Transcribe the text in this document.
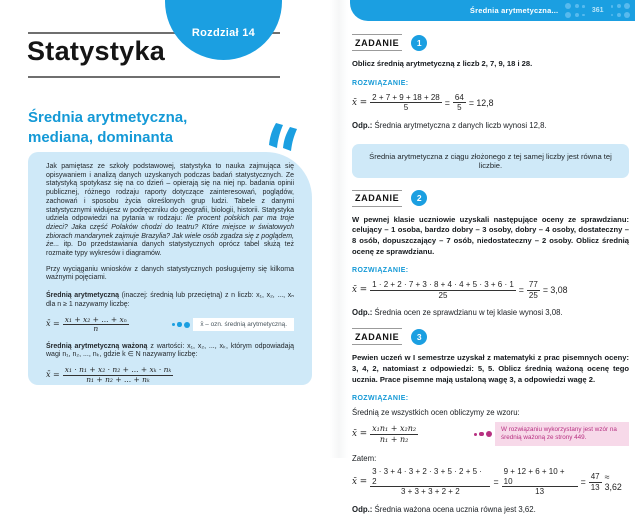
Rozdział 14
Statystyka
Średnia arytmetyczna,
mediana, dominanta

Jak pamiętasz ze szkoły podstawowej, statystyka to nauka zajmująca się opisywaniem i analizą danych uzyskanych podczas badań statystycznych. Ze statystyką spotykasz się na co dzień – opierają się na niej np. badania opinii publicznej, różnego rodzaju raporty dotyczące zainteresowań, poglądów, zachowań i sposobu życia określonych grup ludzi. Tabele z danymi statystycznymi widujesz w podręczniku do geografii, biologii, historii. Statystyka udziela odpowiedzi na pytania w rodzaju: Ile procent polskich par ma troje dzieci? Jaka część Polaków chodzi do teatru? Które miejsce w światowych zbiorach mandarynek zajmuje Brazylia? Jak wiele osób zgadza się z poglądem, że... itp. Do przedstawiania danych statystycznych oprócz tabel służą też rozmaite typy wykresów i diagramów.

Przy wyciąganiu wniosków z danych statystycznych posługujemy się kilkoma ważnymi pojęciami.

Średnią arytmetyczną (inaczej: średnią lub przeciętną) z n liczb: x₁, x₂, ..., xₙ dla n ≥ 1 nazywamy liczbę:

x̄ = $\frac{\text{x₁ + x₂ + ... + xₙ}}{n}$	x̄ – ozn. średnią arytmetyczną.

Średnią arytmetyczną ważoną z wartości: x₁, x₂, ..., xₖ, którym odpowiadają wagi n₁, n₂, ..., nₖ, gdzie k ∈ N nazywamy liczbę:

x̄ = $\frac{\text{x₁ · n₁ + x₂ · n₂ + ... + xₖ · nₖ}}{\text{n₁ + n₂ + ... + nₖ}}$
Średnia arytmetyczna...	361
ZADANIE	1

Oblicz średnią arytmetyczną z liczb 2, 7, 9, 18 i 28.

ROZWIĄZANIE:
x̄ = $\frac{2 + 7 + 9 + 18 + 28}{5} = \frac{64}{5} = 12,8$

Odp.: Średnia arytmetyczna z danych liczb wynosi 12,8.

Średnia arytmetyczna z ciągu złożonego z tej samej liczby jest równa tej liczbie.
ZADANIE	2

W pewnej klasie uczniowie uzyskali następujące oceny ze sprawdzianu: celujący – 1 osoba, bardzo dobry – 3 osoby, dobry – 4 osoby, dostateczny – 8 osób, dopuszczający – 7 osób, niedostateczny – 2 osoby. Oblicz średnią ocenę ze sprawdzianu.

ROZWIĄZANIE:
x̄ = $\frac{1 \cdot 2 + 2 \cdot 7 + 3 \cdot 8 + 4 \cdot 4 + 5 \cdot 3 + 6 \cdot 1}{25} = \frac{77}{25} = 3,08$

Odp.: Średnia ocen ze sprawdzianu w tej klasie wynosi 3,08.

ZADANIE	3

Pewien uczeń w I semestrze uzyskał z matematyki z prac pisemnych oceny: 3, 4, 2, natomiast z odpowiedzi: 5, 5. Oblicz średnią ważoną ocenę tego ucznia. Prace pisemne mają ustaloną wagę 3, a odpowiedzi wagę 2.

ROZWIĄZANIE:

Średnią ze wszystkich ocen obliczymy ze wzoru:

x̄ = $\frac{\text{x₁n₁ + x₂n₂}}{\text{n₁ + n₂}}$	W rozwiązaniu wykorzystany jest wzór na średnią ważoną ze strony 449.

Zatem:

x̄ = $\frac{3 \cdot 3 + 4 \cdot 3 + 2 \cdot 3 + 5 \cdot 2 + 5 \cdot 2}{3 + 3 + 3 + 2 + 2} = \frac{9 + 12 + 6 + 10 + 10}{13} = \frac{47}{13} \approx 3,62$

Odp.: Średnia ważona ocena ucznia równa jest 3,62.
